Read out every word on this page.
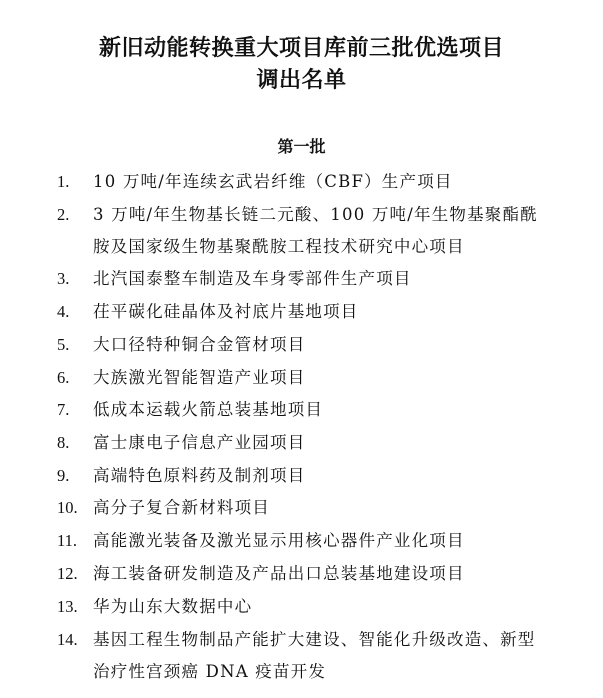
新旧动能转换重大项目库前三批优选项目
调出名单
第一批
1.	10 万吨/年连续玄武岩纤维（CBF）生产项目
2.	3 万吨/年生物基长链二元酸、100 万吨/年生物基聚酯酰
胺及国家级生物基聚酰胺工程技术研究中心项目
3.	北汽国泰整车制造及车身零部件生产项目
4.	茌平碳化硅晶体及衬底片基地项目
5.	大口径特种铜合金管材项目
6.	大族激光智能智造产业项目
7.	低成本运载火箭总装基地项目
8.	富士康电子信息产业园项目
9.	高端特色原料药及制剂项目
10. 高分子复合新材料项目
11. 高能激光装备及激光显示用核心器件产业化项目
12. 海工装备研发制造及产品出口总装基地建设项目
13. 华为山东大数据中心
14. 基因工程生物制品产能扩大建设、智能化升级改造、新型
治疗性宫颈癌 DNA 疫苗开发
